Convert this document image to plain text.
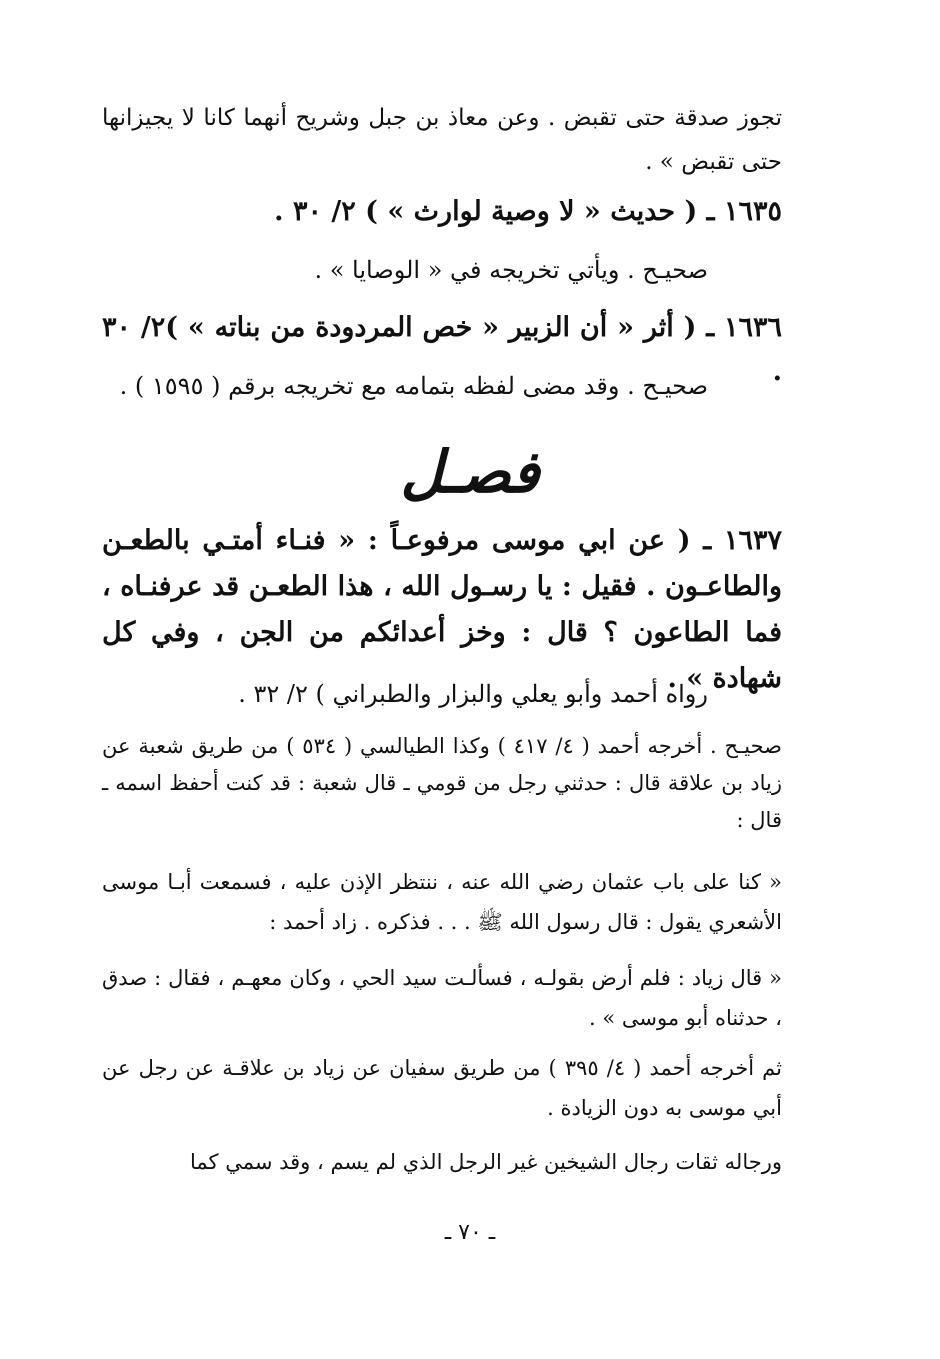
تجوز صدقة حتى تقبض . وعن معاذ بن جبل وشريح أنهما كانا لا يجيزانها حتى تقبض » .

١٦٣٥ ـ ( حديث « لا وصية لوارث » ) ٢/ ٣٠ .

صحيـح . ويأتي تخريجه في « الوصايا » .

١٦٣٦ ـ ( أثر « أن الزبير « خص المردودة من بناته » )٢/ ٣٠ .

صحيـح . وقد مضى لفظه بتمامه مع تخريجه برقم ( ١٥٩٥ ) .

فصـل

١٦٣٧ ـ ( عن ابي موسى مرفوعـاً : « فنـاء أمتـي بالطعـن والطاعـون . فقيل : يا رسـول الله ، هذا الطعـن قد عرفنـاه ، فما الطاعون ؟ قال : وخز أعدائكم من الجن ، وفي كل شهادة » .

رواه أحمد وأبو يعلي والبزار والطبراني ) ٢/ ٣٢ .

صحيـح . أخرجه أحمد ( ٤/ ٤١٧ ) وكذا الطيالسي ( ٥٣٤ ) من طريق شعبة عن زياد بن علاقة قال : حدثني رجل من قومي ـ قال شعبة : قد كنت أحفظ اسمه ـ قال :

« كنا على باب عثمان رضي الله عنه ، ننتظر الإذن عليه ، فسمعت أبـا موسى الأشعري يقول : قال رسول الله ﷺ . . . فذكره . زاد أحمد :

« قال زياد : فلم أرض بقولـه ، فسألـت سيد الحي ، وكان معهـم ، فقال : صدق ، حدثناه أبو موسى » .

ثم أخرجه أحمد ( ٤/ ٣٩٥ ) من طريق سفيان عن زياد بن علاقـة عن رجل عن أبي موسى به دون الزيادة .

ورجاله ثقات رجال الشيخين غير الرجل الذي لم يسم ، وقد سمي كما

ـ ٧٠ ـ
